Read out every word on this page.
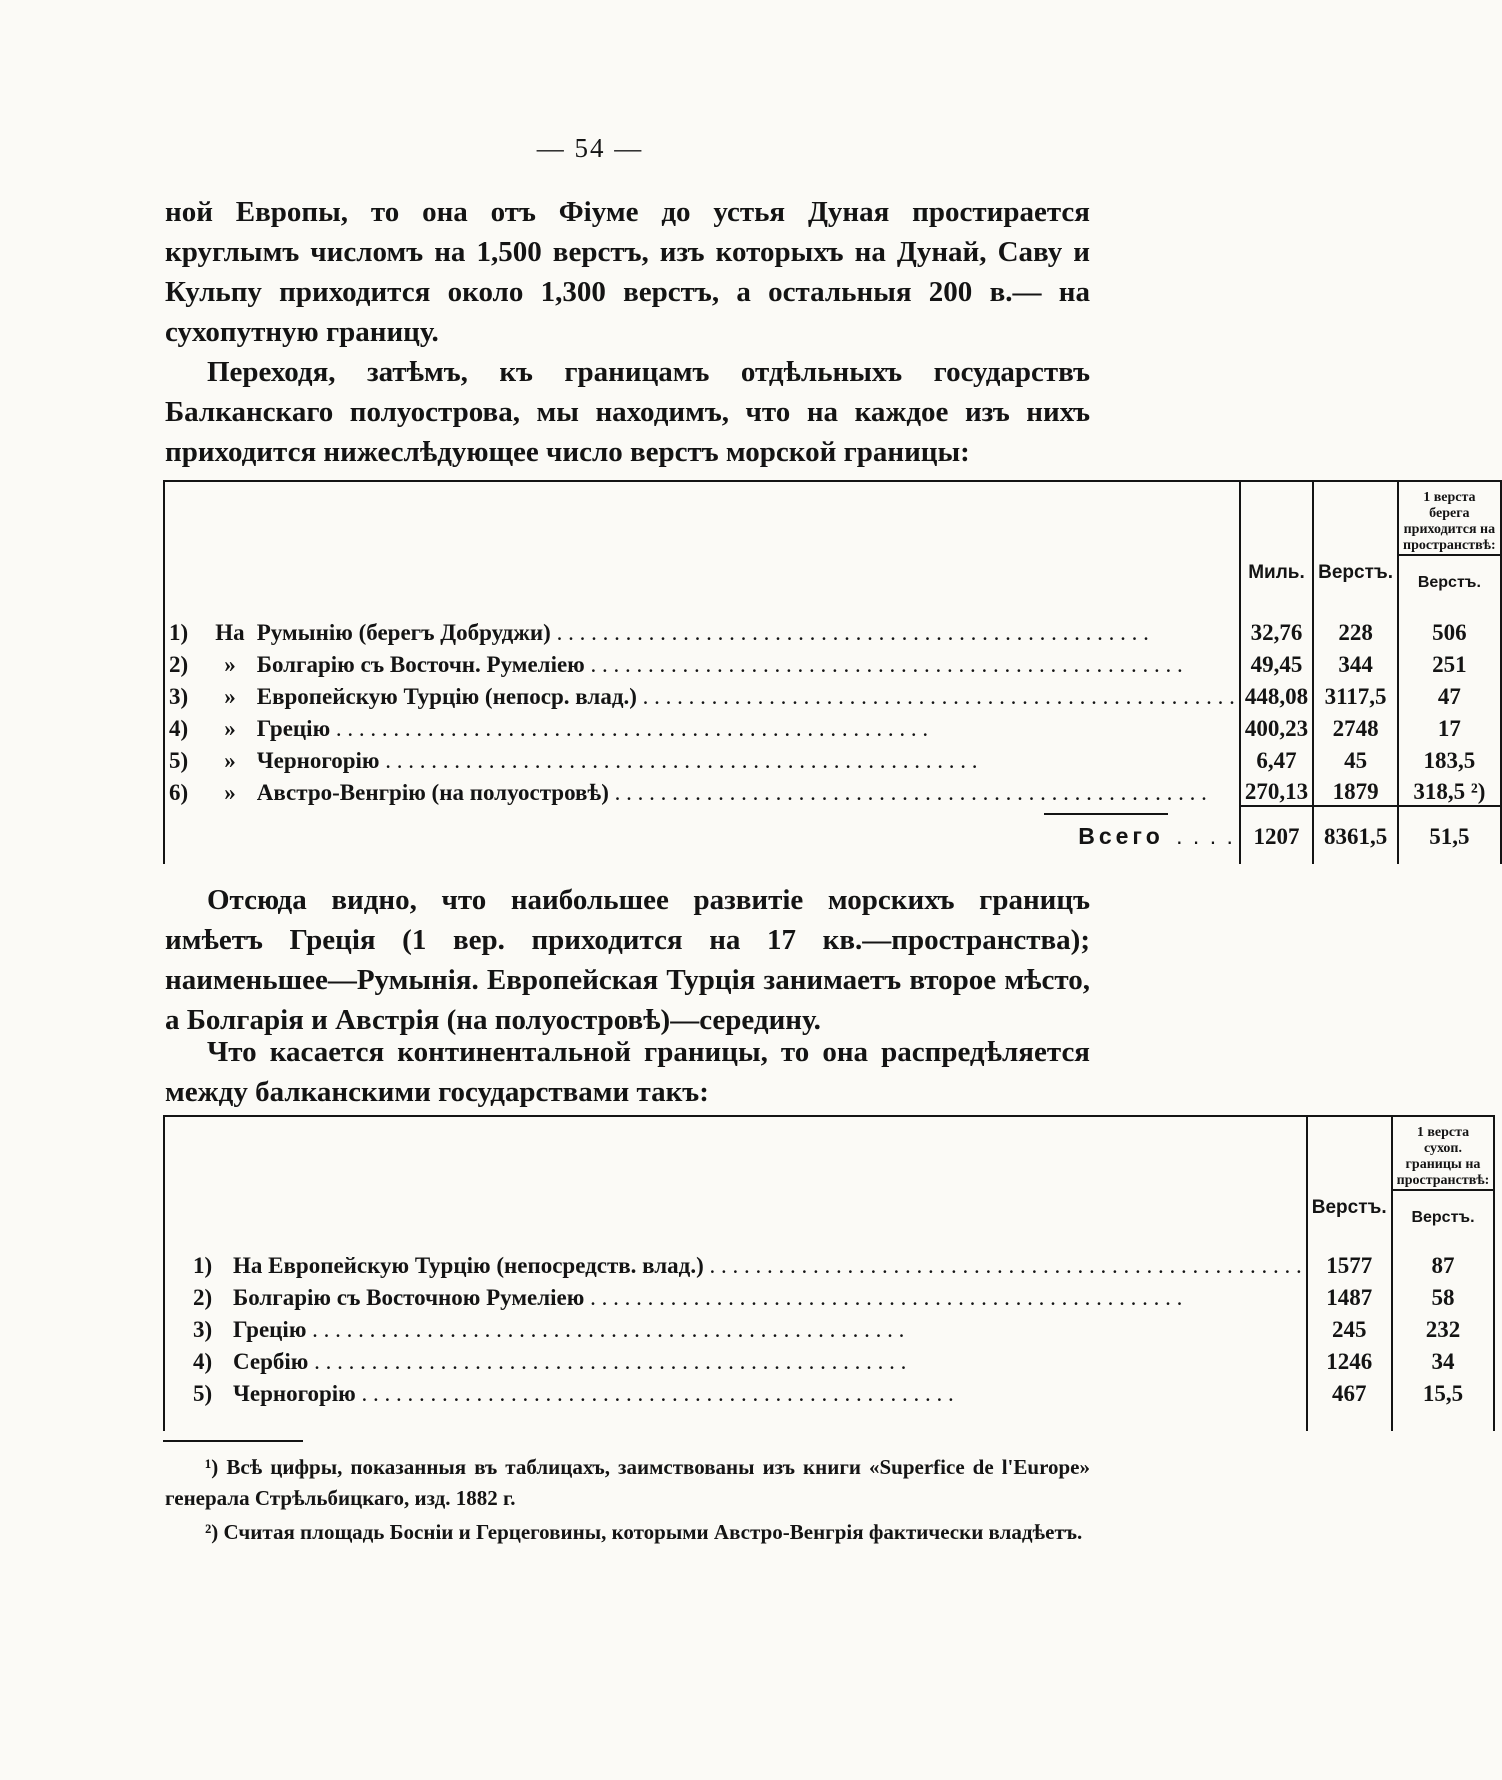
— 54 —

ной Европы, то она отъ Фіуме до устья Дуная простирается круглымъ числомъ на 1,500 верстъ, изъ которыхъ на Дунай, Саву и Кульпу приходится около 1,300 верстъ, а остальныя 200 в.— на сухопутную границу.

Переходя, затѣмъ, къ границамъ отдѣльныхъ государствъ Балканскаго полуострова, мы находимъ, что на каждое изъ нихъ приходится нижеслѣдующее число верстъ морской границы:

	Миль.	Верстъ.	1 верста берега приходится на пространствѣ:
			Верстъ.

1) На Румынію (берегъ Добруджи) . . .	32,76	228	506
2) » Болгарію съ Восточн. Румеліею . . .	49,45	344	251
3) » Европейскую Турцію (непоср. влад.) . . .	448,08	3117,5	47
4) » Грецію . . .	400,23	2748	17
5) » Черногорію . . .	6,47	45	183,5
6) » Австро-Венгрію (на полуостровѣ) . . .	270,13	1879	318,5 ²)
Всего . . . .	1207	8361,5	51,5

Отсюда видно, что наибольшее развитіе морскихъ границъ имѣетъ Греція (1 вер. приходится на 17 кв.—пространства); наименьшее—Румынія. Европейская Турція занимаетъ второе мѣсто, а Болгарія и Австрія (на полуостровѣ)—середину.

Что касается континентальной границы, то она распредѣляется между балканскими государствами такъ:

	Верстъ.	1 верста сухоп. границы на пространствѣ:
		Верстъ.

1) На Европейскую Турцію (непосредств. влад.) . . .	1577	87
2) Болгарію съ Восточною Румеліею . . .	1487	58
3) Грецію . . .	245	232
4) Сербію . . .	1246	34
5) Черногорію . . .	467	15,5

¹) Всѣ цифры, показанныя въ таблицахъ, заимствованы изъ книги «Superfice de l'Europe» генерала Стрѣльбицкаго, изд. 1882 г.

²) Считая площадь Босніи и Герцеговины, которыми Австро-Венгрія фактически владѣетъ.
